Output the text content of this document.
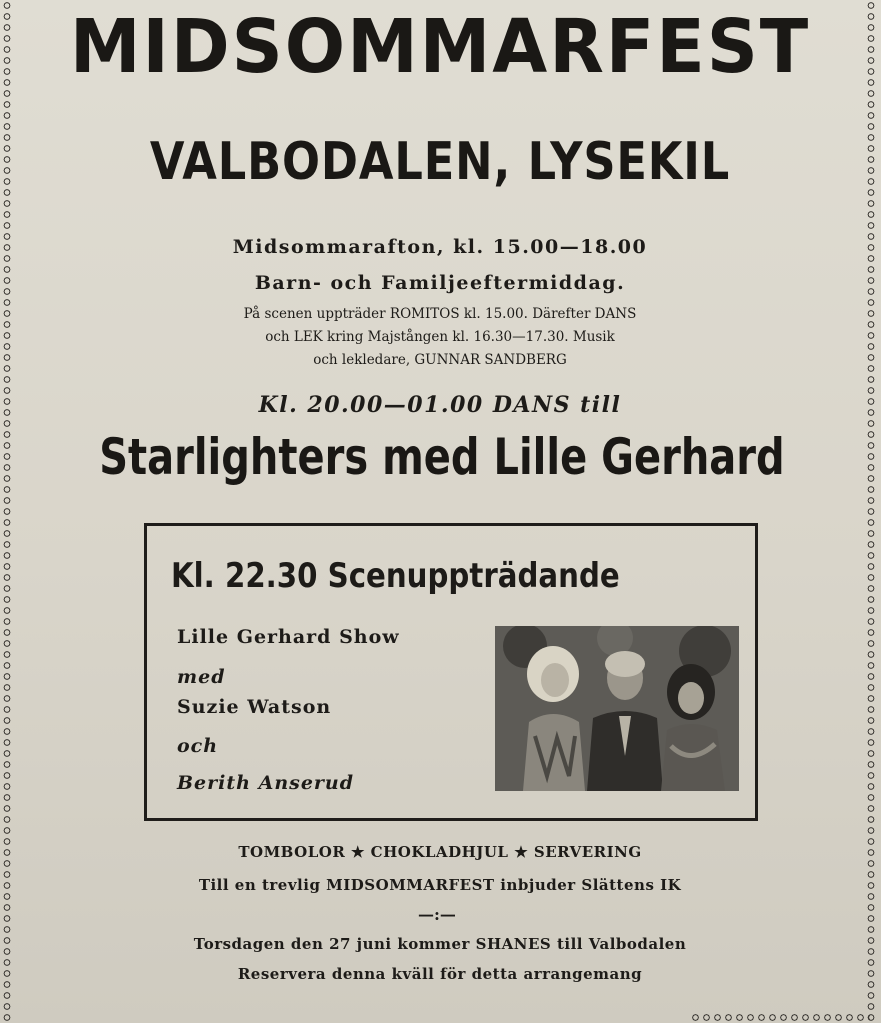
MIDSOMMARFEST
VALBODALEN, LYSEKIL
Midsommarafton, kl. 15.00—18.00
Barn- och Familjeeftermiddag.
På scenen uppträder ROMITOS kl. 15.00. Därefter DANS
och LEK kring Majstången kl. 16.30—17.30. Musik
och lekledare, GUNNAR SANDBERG
Kl. 20.00—01.00 DANS till
Starlighters med Lille Gerhard
Kl. 22.30 Scenuppträdande
Lille Gerhard Show
med
Suzie Watson
och
Berith Anserud
TOMBOLOR ★ CHOKLADHJUL ★ SERVERING
Till en trevlig MIDSOMMARFEST inbjuder Slättens IK
—:—
Torsdagen den 27 juni kommer SHANES till Valbodalen
Reservera denna kväll för detta arrangemang
